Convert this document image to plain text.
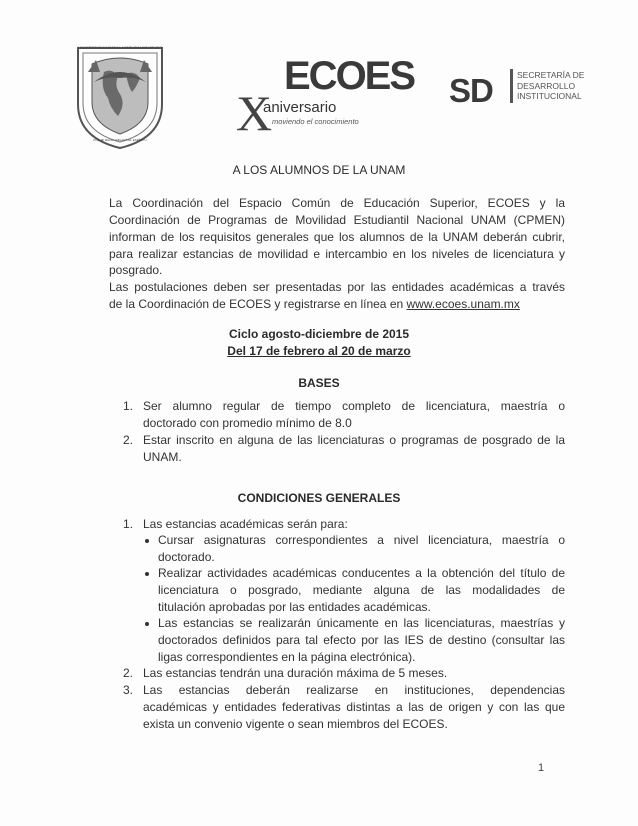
UNIVERSIDAD NACIONAL AUTÓNOMA DE MÉXICO
POR MI RAZA HABLARÁ EL ESPÍRITU
ECOES
X
aniversario
moviendo el conocimiento
SD	SECRETARÍA DE
DESARROLLO
INSTITUCIONAL
A LOS ALUMNOS DE LA UNAM
La Coordinación del Espacio Común de Educación Superior, ECOES y la
Coordinación de Programas de Movilidad Estudiantil Nacional UNAM (CPMEN)
informan de los requisitos generales que los alumnos de la UNAM deberán cubrir,
para realizar estancias de movilidad e intercambio en los niveles de licenciatura y
posgrado.
Las postulaciones deben ser presentadas por las entidades académicas a través
de la Coordinación de ECOES y registrarse en línea en www.ecoes.unam.mx
Ciclo agosto-diciembre de 2015
Del 17 de febrero al 20 de marzo
BASES
1. Ser alumno regular de tiempo completo de licenciatura, maestría o
doctorado con promedio mínimo de 8.0
2. Estar inscrito en alguna de las licenciaturas o programas de posgrado de la
UNAM.
CONDICIONES GENERALES
1. Las estancias académicas serán para:
Cursar asignaturas correspondientes a nivel licenciatura, maestría o
doctorado.
Realizar actividades académicas conducentes a la obtención del título de
licenciatura o posgrado, mediante alguna de las modalidades de
titulación aprobadas por las entidades académicas.
Las estancias se realizarán únicamente en las licenciaturas, maestrías y
doctorados definidos para tal efecto por las IES de destino (consultar las
ligas correspondientes en la página electrónica).
2. Las estancias tendrán una duración máxima de 5 meses.
3. Las estancias deberán realizarse en instituciones, dependencias
académicas y entidades federativas distintas a las de origen y con las que
exista un convenio vigente o sean miembros del ECOES.
1
